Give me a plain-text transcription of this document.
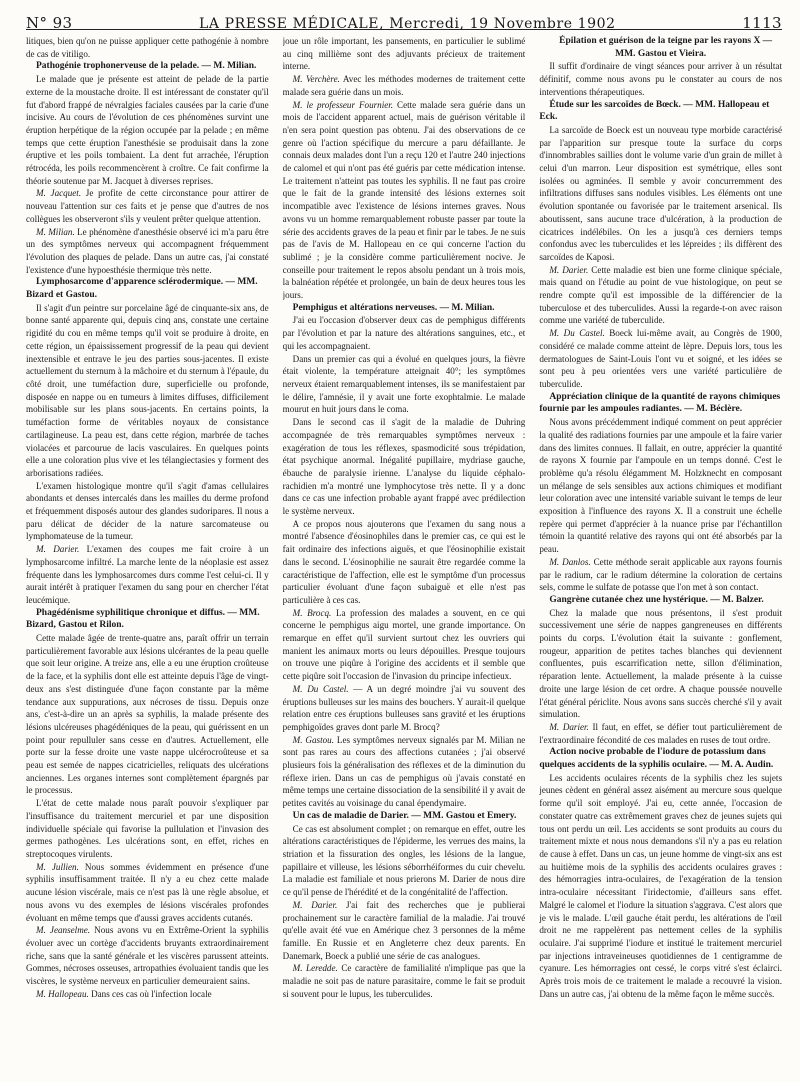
N° 93	LA PRESSE MÉDICALE, Mercredi, 19 Novembre 1902	1113

litiques, bien qu'on ne puisse appliquer cette pathogénie à nombre de cas de vitiligo.

Pathogénie trophonerveuse de la pelade. — M. Milian.

Le malade que je présente est atteint de pelade de la partie externe de la moustache droite. Il est intéressant de constater qu'il fut d'abord frappé de névralgies faciales causées par la carie d'une incisive. Au cours de l'évolution de ces phénomènes survint une éruption herpétique de la région occupée par la pelade ; en même temps que cette éruption l'anesthésie se produisait dans la zone éruptive et les poils tombaient. La dent fut arrachée, l'éruption rétrocéda, les poils recommencèrent à croître. Ce fait confirme la théorie soutenue par M. Jacquet à diverses reprises.

M. Jacquet. Je profite de cette circonstance pour attirer de nouveau l'attention sur ces faits et je pense que d'autres de nos collègues les observeront s'ils y veulent prêter quelque attention.

M. Milian. Le phénomène d'anesthésie observé ici m'a paru être un des symptômes nerveux qui accompagnent fréquemment l'évolution des plaques de pelade. Dans un autre cas, j'ai constaté l'existence d'une hypoesthésie thermique très nette.

Lymphosarcome d'apparence sclérodermique. — MM. Bizard et Gastou.

Il s'agit d'un peintre sur porcelaine âgé de cinquante-six ans, de bonne santé apparente qui, depuis cinq ans, constate une certaine rigidité du cou en même temps qu'il voit se produire à droite, en cette région, un épaississement progressif de la peau qui devient inextensible et entrave le jeu des parties sous-jacentes. Il existe actuellement du sternum à la mâchoire et du sternum à l'épaule, du côté droit, une tuméfaction dure, superficielle ou profonde, disposée en nappe ou en tumeurs à limites diffuses, difficilement mobilisable sur les plans sous-jacents. En certains points, la tuméfaction forme de véritables noyaux de consistance cartilagineuse. La peau est, dans cette région, marbrée de taches violacées et parcourue de lacis vasculaires. En quelques points elle a une coloration plus vive et les télangiectasies y forment des arborisations radiées.

L'examen histologique montre qu'il s'agit d'amas cellulaires abondants et denses intercalés dans les mailles du derme profond et fréquemment disposés autour des glandes sudoripares. Il nous a paru délicat de décider de la nature sarcomateuse ou lymphomateuse de la tumeur.

M. Darier. L'examen des coupes me fait croire à un lymphosarcome infiltré. La marche lente de la néoplasie est assez fréquente dans les lymphosarcomes durs comme l'est celui-ci. Il y aurait intérêt à pratiquer l'examen du sang pour en chercher l'état leucémique.

Phagédénisme syphilitique chronique et diffus. — MM. Bizard, Gastou et Rilon.

Cette malade âgée de trente-quatre ans, paraît offrir un terrain particulièrement favorable aux lésions ulcérantes de la peau quelle que soit leur origine. A treize ans, elle a eu une éruption croûteuse de la face, et la syphilis dont elle est atteinte depuis l'âge de vingt-deux ans s'est distinguée d'une façon constante par la même tendance aux suppurations, aux nécroses de tissu. Depuis onze ans, c'est-à-dire un an après sa syphilis, la malade présente des lésions ulcéreuses phagédéniques de la peau, qui guérissent en un point pour repulluler sans cesse en d'autres. Actuellement, elle porte sur la fesse droite une vaste nappe ulcérocroûteuse et sa peau est semée de nappes cicatricielles, reliquats des ulcérations anciennes. Les organes internes sont complètement épargnés par le processus.

L'état de cette malade nous paraît pouvoir s'expliquer par l'insuffisance du traitement mercuriel et par une disposition individuelle spéciale qui favorise la pullulation et l'invasion des germes pathogènes. Les ulcérations sont, en effet, riches en streptocoques virulents.

M. Jullien. Nous sommes évidemment en présence d'une syphilis insuffisamment traitée. Il n'y a eu chez cette malade aucune lésion viscérale, mais ce n'est pas là une règle absolue, et nous avons vu des exemples de lésions viscérales profondes évoluant en même temps que d'aussi graves accidents cutanés.

M. Jeanselme. Nous avons vu en Extrême-Orient la syphilis évoluer avec un cortège d'accidents bruyants extraordinairement riche, sans que la santé générale et les viscères parussent atteints. Gommes, nécroses osseuses, artropathies évoluaient tandis que les viscères, le système nerveux en particulier demeuraient sains.

M. Hallopeau. Dans ces cas où l'infection locale

joue un rôle important, les pansements, en particulier le sublimé au cinq millième sont des adjuvants précieux de traitement interne.

M. Verchère. Avec les méthodes modernes de traitement cette malade sera guérie dans un mois.

M. le professeur Fournier. Cette malade sera guérie dans un mois de l'accident apparent actuel, mais de guérison véritable il n'en sera point question pas obtenu. J'ai des observations de ce genre où l'action spécifique du mercure a paru défaillante. Je connais deux malades dont l'un a reçu 120 et l'autre 240 injections de calomel et qui n'ont pas été guéris par cette médication intense. Le traitement n'atteint pas toutes les syphilis. Il ne faut pas croire que le fait de la grande intensité des lésions externes soit incompatible avec l'existence de lésions internes graves. Nous avons vu un homme remarquablement robuste passer par toute la série des accidents graves de la peau et finir par le tabes. Je ne suis pas de l'avis de M. Hallopeau en ce qui concerne l'action du sublimé ; je la considère comme particulièrement nocive. Je conseille pour traitement le repos absolu pendant un à trois mois, la balnéation répétée et prolongée, un bain de deux heures tous les jours.

Pemphigus et altérations nerveuses. — M. Milian.

J'ai eu l'occasion d'observer deux cas de pemphigus différents par l'évolution et par la nature des altérations sanguines, etc., et qui les accompagnaient.

Dans un premier cas qui a évolué en quelques jours, la fièvre était violente, la température atteignait 40°; les symptômes nerveux étaient remarquablement intenses, ils se manifestaient par le délire, l'amnésie, il y avait une forte exophtalmie. Le malade mourut en huit jours dans le coma.

Dans le second cas il s'agit de la maladie de Duhring accompagnée de très remarquables symptômes nerveux : exagération de tous les réflexes, spasmodicité sous trépidation, état psychique anormal. Inégalité pupillaire, mydriase gauche, ébauche de paralysie irienne. L'analyse du liquide céphalo-rachidien m'a montré une lymphocytose très nette. Il y a donc dans ce cas une infection probable ayant frappé avec prédilection le système nerveux.

A ce propos nous ajouterons que l'examen du sang nous a montré l'absence d'éosinophiles dans le premier cas, ce qui est le fait ordinaire des infections aiguës, et que l'éosinophilie existait dans le second. L'éosinophilie ne saurait être regardée comme la caractéristique de l'affection, elle est le symptôme d'un processus particulier évoluant d'une façon subaiguë et elle n'est pas particulière à ces cas.

M. Brocq. La profession des malades a souvent, en ce qui concerne le pemphigus aigu mortel, une grande importance. On remarque en effet qu'il survient surtout chez les ouvriers qui manient les animaux morts ou leurs dépouilles. Presque toujours on trouve une piqûre à l'origine des accidents et il semble que cette piqûre soit l'occasion de l'invasion du principe infectieux.

M. Du Castel. — A un degré moindre j'ai vu souvent des éruptions bulleuses sur les mains des bouchers. Y aurait-il quelque relation entre ces éruptions bulleuses sans gravité et les éruptions pemphigoïdes graves dont parle M. Brocq?

M. Gastou. Les symptômes nerveux signalés par M. Milian ne sont pas rares au cours des affections cutanées ; j'ai observé plusieurs fois la généralisation des réflexes et de la diminution du réflexe irien. Dans un cas de pemphigus où j'avais constaté en même temps une certaine dissociation de la sensibilité il y avait de petites cavités au voisinage du canal épendymaire.

Un cas de maladie de Darier. — MM. Gastou et Emery.

Ce cas est absolument complet ; on remarque en effet, outre les altérations caractéristiques de l'épiderme, les verrues des mains, la striation et la fissuration des ongles, les lésions de la langue, papillaire et villeuse, les lésions séborrhéiformes du cuir chevelu. La maladie est familiale et nous prierons M. Darier de nous dire ce qu'il pense de l'hérédité et de la congénitalité de l'affection.

M. Darier. J'ai fait des recherches que je publierai prochainement sur le caractère familial de la maladie. J'ai trouvé qu'elle avait été vue en Amérique chez 3 personnes de la même famille. En Russie et en Angleterre chez deux parents. En Danemark, Boeck a publié une série de cas analogues.

M. Leredde. Ce caractère de familialité n'implique pas que la maladie ne soit pas de nature parasitaire, comme le fait se produit si souvent pour le lupus, les tuberculides.

Épilation et guérison de la teigne par les rayons X — MM. Gastou et Vieira.

Il suffit d'ordinaire de vingt séances pour arriver à un résultat définitif, comme nous avons pu le constater au cours de nos interventions thérapeutiques.

Étude sur les sarcoïdes de Bœck. — MM. Hallopeau et Eck.

La sarcoïde de Boeck est un nouveau type morbide caractérisé par l'apparition sur presque toute la surface du corps d'innombrables saillies dont le volume varie d'un grain de millet à celui d'un marron. Leur disposition est symétrique, elles sont isolées ou agminées. Il semble y avoir concurremment des infiltrations diffuses sans nodules visibles. Les éléments ont une évolution spontanée ou favorisée par le traitement arsenical. Ils aboutissent, sans aucune trace d'ulcération, à la production de cicatrices indélébiles. On les a jusqu'à ces derniers temps confondus avec les tuberculides et les lépreides ; ils diffèrent des sarcoïdes de Kaposi.

M. Darier. Cette maladie est bien une forme clinique spéciale, mais quand on l'étudie au point de vue histologique, on peut se rendre compte qu'il est impossible de la différencier de la tuberculose et des tuberculides. Aussi la regarde-t-on avec raison comme une variété de tuberculide.

M. Du Castel. Boeck lui-même avait, au Congrès de 1900, considéré ce malade comme atteint de lèpre. Depuis lors, tous les dermatologues de Saint-Louis l'ont vu et soigné, et les idées se sont peu à peu orientées vers une variété particulière de tuberculide.

Appréciation clinique de la quantité de rayons chimiques fournie par les ampoules radiantes. — M. Béclère.

Nous avons précédemment indiqué comment on peut apprécier la qualité des radiations fournies par une ampoule et la faire varier dans des limites connues. Il fallait, en outre, apprécier la quantité de rayons X fournie par l'ampoule en un temps donné. C'est le problème qu'a résolu élégamment M. Holzknecht en composant un mélange de sels sensibles aux actions chimiques et modifiant leur coloration avec une intensité variable suivant le temps de leur exposition à l'influence des rayons X. Il a construit une échelle repère qui permet d'apprécier à la nuance prise par l'échantillon témoin la quantité relative des rayons qui ont été absorbés par la peau.

M. Danlos. Cette méthode serait applicable aux rayons fournis par le radium, car le radium détermine la coloration de certains sels, comme le sulfate de potasse que l'on met à son contact.

Gangrène cutanée chez une hystérique. — M. Balzer.

Chez la malade que nous présentons, il s'est produit successivement une série de nappes gangreneuses en différents points du corps. L'évolution était la suivante : gonflement, rougeur, apparition de petites taches blanches qui deviennent confluentes, puis escarrification nette, sillon d'élimination, réparation lente. Actuellement, la malade présente à la cuisse droite une large lésion de cet ordre. A chaque poussée nouvelle l'état général périclite. Nous avons sans succès cherché s'il y avait simulation.

M. Darier. Il faut, en effet, se défier tout particulièrement de l'extraordinaire fécondité de ces malades en ruses de tout ordre.

Action nocive probable de l'iodure de potassium dans quelques accidents de la syphilis oculaire. — M. A. Audin.

Les accidents oculaires récents de la syphilis chez les sujets jeunes cèdent en général assez aisément au mercure sous quelque forme qu'il soit employé. J'ai eu, cette année, l'occasion de constater quatre cas extrêmement graves chez de jeunes sujets qui tous ont perdu un œil. Les accidents se sont produits au cours du traitement mixte et nous nous demandons s'il n'y a pas eu relation de cause à effet. Dans un cas, un jeune homme de vingt-six ans est au huitième mois de la syphilis des accidents oculaires graves : des hémorragies intra-oculaires, de l'exagération de la tension intra-oculaire nécessitant l'iridectomie, d'ailleurs sans effet. Malgré le calomel et l'iodure la situation s'aggrava. C'est alors que je vis le malade. L'œil gauche était perdu, les altérations de l'œil droit ne me rappelèrent pas nettement celles de la syphilis oculaire. J'ai supprimé l'iodure et institué le traitement mercuriel par injections intraveineuses quotidiennes de 1 centigramme de cyanure. Les hémorragies ont cessé, le corps vitré s'est éclairci. Après trois mois de ce traitement le malade a recouvré la vision. Dans un autre cas, j'ai obtenu de la même façon le même succès.
